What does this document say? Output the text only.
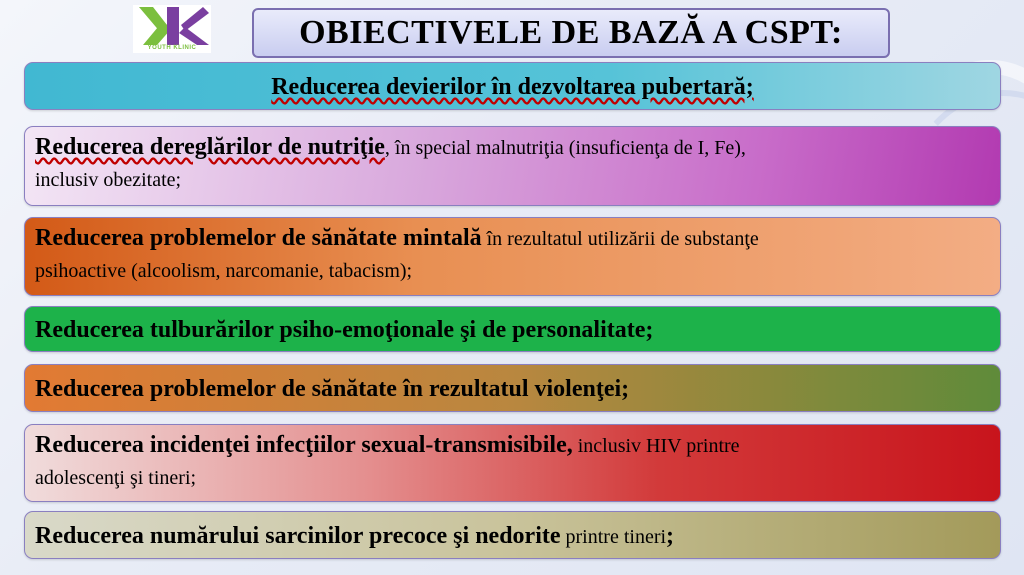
YOUTH KLINIC	OBIECTIVELE DE BAZĂ A CSPT:
Reducerea devierilor în dezvoltarea pubertară;
Reducerea dereglărilor de nutriţie, în special malnutriţia (insuficienţa de I, Fe),
inclusiv obezitate;
Reducerea problemelor de sănătate mintală în rezultatul utilizării de substanţe
psihoactive (alcoolism, narcomanie, tabacism);
Reducerea tulburărilor psiho-emoţionale şi de personalitate;
Reducerea problemelor de sănătate în rezultatul violenţei;
Reducerea incidenţei infecţiilor sexual-transmisibile, inclusiv HIV printre
adolescenţi şi tineri;
Reducerea numărului sarcinilor precoce şi nedorite printre tineri;
